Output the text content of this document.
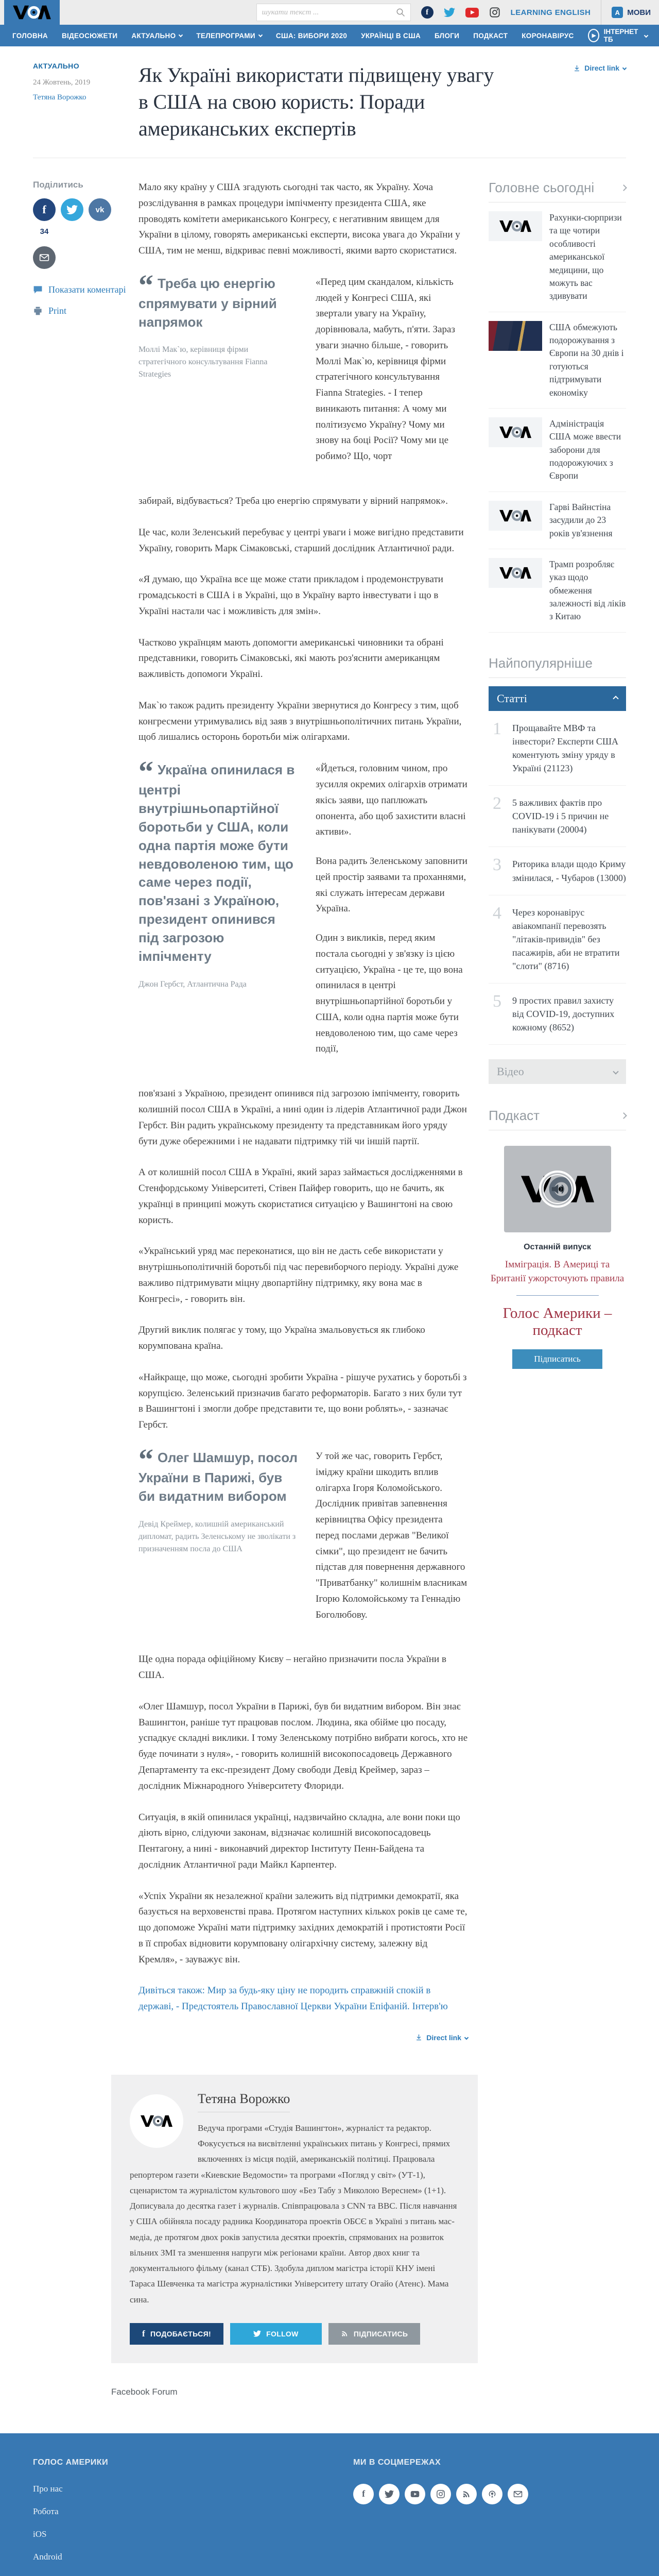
шукати текст ...
f	LEARNING ENGLISH	A МОВИ
ГОЛОВНА ВІДЕОСЮЖЕТИ АКТУАЛЬНО	ТЕЛЕПРОГРАМИ	США: ВИБОРИ 2020 УКРАЇНЦІ В США БЛОГИ ПОДКАСТ КОРОНАВІРУС	▶	ІНТЕРНЕТ ТБ
АКТУАЛЬНО
24 Жовтень, 2019
Тетяна Ворожко
Як Україні використати підвищену увагу в США на свою користь: Поради американських експертів
Direct link
Поділитись
f	vk
34
Показати коментарі
Print

Мало яку країну у США згадують сьогодні так часто, як Україну. Хоча розслідування в рамках процедури імпічменту президента США, яке проводять комітети американського Конгресу, є негативним явищем для України в цілому, говорять американські експерти, висока увага до України у США, тим не менш, відкриває певні можливості, якими варто скористатися.

“ Треба цю енергію спрямувати у вірний напрямок
Моллі Мак`ю, керівниця фірми стратегічного консультування Fianna Strategies

«Перед цим скандалом, кількість людей у Конгресі США, які звертали увагу на Україну, дорівнювала, мабуть, п'яти. Зараз уваги значно більше, - говорить Моллі Мак`ю, керівниця фірми стратегічного консультування Fianna Strategies. - І тепер виникають питання: А чому ми політизуємо Україну? Чому ми знову на боці Росії? Чому ми це робимо? Що, чорт

забирай, відбувається? Треба цю енергію спрямувати у вірний напрямок».

Це час, коли Зеленський перебуває у центрі уваги і може вигідно представити Україну, говорить Марк Сімаковські, старший дослідник Атлантичної ради.

«Я думаю, що Україна все ще може стати прикладом і продемонструвати громадськості в США і в Україні, що в Україну варто інвестувати і що в Україні настали час і можливість для змін».

Частково українцям мають допомогти американські чиновники та обрані представники, говорить Сімаковські, які мають роз'яснити американцям важливість допомоги Україні.

Мак`ю також радить президенту України звернутися до Конгресу з тим, щоб конгресмени утримувались від заяв з внутрішньополітичних питань України, щоб лишались осторонь боротьби між олігархами.

“ Україна опинилася в центрі внутрішньопартійної боротьби у США, коли одна партія може бути невдоволеною тим, що саме через події, пов'язані з Україною, президент опинився під загрозою імпічменту
Джон Гербст, Атлантична Рада

«Йдеться, головним чином, про зусилля окремих олігархів отримати якісь заяви, що паплюжать опонента, або щоб захистити власні активи».

Вона радить Зеленському заповнити цей простір заявами та проханнями, які служать інтересам держави Україна.

Один з викликів, перед яким постала сьогодні у зв'язку із цією ситуацією, Україна - це те, що вона опинилася в центрі внутрішньопартійної боротьби у США, коли одна партія може бути невдоволеною тим, що саме через події,

пов'язані з Україною, президент опинився під загрозою імпічменту, говорить колишній посол США в Україні, а нині один із лідерів Атлантичної ради Джон Гербст. Він радить українському президенту та представникам його уряду бути дуже обережними і не надавати підтримку тій чи іншій партії.

А от колишній посол США в Україні, який зараз займається дослідженнями в Стенфордському Університеті, Стівен Пайфер говорить, що не бачить, як українці в принципі можуть скористатися ситуацією у Вашингтоні на свою користь.

«Український уряд має переконатися, що він не дасть себе використати у внутрішньополітичній боротьбі під час перевиборчого періоду. Україні дуже важливо підтримувати міцну двопартійну підтримку, яку вона має в Конгресі», - говорить він.

Другий виклик полягає у тому, що Україна змальовується як глибоко корумпована країна.

«Найкраще, що може, сьогодні зробити Україна - рішуче рухатись у боротьбі з корупцією. Зеленський призначив багато реформаторів. Багато з них були тут в Вашингтоні і змогли добре представити те, що вони роблять», - зазначає Гербст.

“ Олег Шамшур, посол України в Парижі, був би видатним вибором
Девід Креймер, колишній американський дипломат, радить Зеленському не зволікати з призначенням посла до США

У той же час, говорить Гербст, іміджу країни шкодить вплив олігарха Ігоря Коломойського. Дослідник привітав запевнення керівництва Офісу президента перед послами держав "Великої сімки", що президент не бачить підстав для повернення державного "Приватбанку" колишнім власникам Ігорю Коломойському та Геннадію Боголюбову.

Ще одна порада офіційному Києву – негайно призначити посла України в США.

«Олег Шамшур, посол України в Парижі, був би видатним вибором. Він знає Вашингтон, раніше тут працював послом. Людина, яка обійме цю посаду, успадкує складні виклики. І тому Зеленському потрібно вибрати когось, хто не буде починати з нуля», - говорить колишній високопосадовець Державного Департаменту та екс-президент Дому свободи Девід Креймер, зараз – дослідник Міжнародного Університету Флориди.

Ситуація, в якій опинилася українці, надзвичайно складна, але вони поки що діють вірно, слідуючи законам, відзначає колишній високопосадовець Пентагону, а нині - виконавчий директор Інституту Пенн-Байдена та дослідник Атлантичної ради Майкл Карпентер.

«Успіх України як незалежної країни залежить від підтримки демократії, яка базується на верховенстві права. Протягом наступних кількох років це саме те, що допоможе Україні мати підтримку західних демократій і протистояти Росії в її спробах відновити корумповану олігархічну систему, залежну від Кремля», - зауважує він.

Дивіться також: Мир за будь-яку ціну не породить справжній спокій в державі, - Предстоятель Православної Церкви України Епіфаній. Інтерв'ю

Головне сьогодні
Рахунки-сюрпризи та ще чотири особливості американської медицини, що можуть вас здивувати
США обмежують подорожування з Європи на 30 днів і готуються підтримувати економіку
Адміністрація США може ввести заборони для подорожуючих з Європи
Гарві Вайнстіна засудили до 23 років ув'язнення
Трамп розробляє указ щодо обмеження залежності від ліків з Китаю
Найпопулярніше
Статті
Прощавайте МВФ та інвестори? Експерти США коментують зміну уряду в Україні (21123)
5 важливих фактів про COVID-19 і 5 причин не панікувати (20004)
Риторика влади щодо Криму змінилася, - Чубаров (13000)
Через коронавірус авіакомпанії перевозять "літаків-привидів" без пасажирів, аби не втратити "слоти" (8716)
9 простих правил захисту від COVID-19, доступних кожному (8652)
Відео
Подкаст
Останній випуск
Імміграція. В Америці та Британії ужорсточують правила
Голос Америки – подкаст
Підписатись
Direct link
Тетяна Ворожко

Ведуча програми «Студія Вашингтон», журналіст та редактор. Фокусується на висвітленні українських питань у Конгресі, прямих включеннях із місця подій, американській політиці. Працювала репортером газети «Киевские Ведомости» та програми «Погляд у світ» (УТ-1), сценаристом та журналістом культового шоу «Без Табу з Миколою Вереснем» (1+1). Дописувала до десятка газет і журналів. Співпрацювала з CNN та BBC. Після навчання у США обійняла посаду радника Координатора проектів ОБСЄ в Україні з питань мас-медіа, де протягом двох років запустила десятки проектів, спрямованих на розвиток вільних ЗМІ та зменшення напруги між регіонами країни. Автор двох книг та документального фільму (канал СТБ). Здобула диплом магістра історії КНУ імені Тараса Шевченка та магістра журналістики Університету штату Огайо (Атенс). Мама сина.

f ПОДОБАЄТЬСЯ!	FOLLOW	ПІДПИСАТИСЬ
Facebook Forum
ГОЛОС АМЕРИКИ
Про нас
Робота
iOS
Android
МИ В СОЦМЕРЕЖАХ
f
